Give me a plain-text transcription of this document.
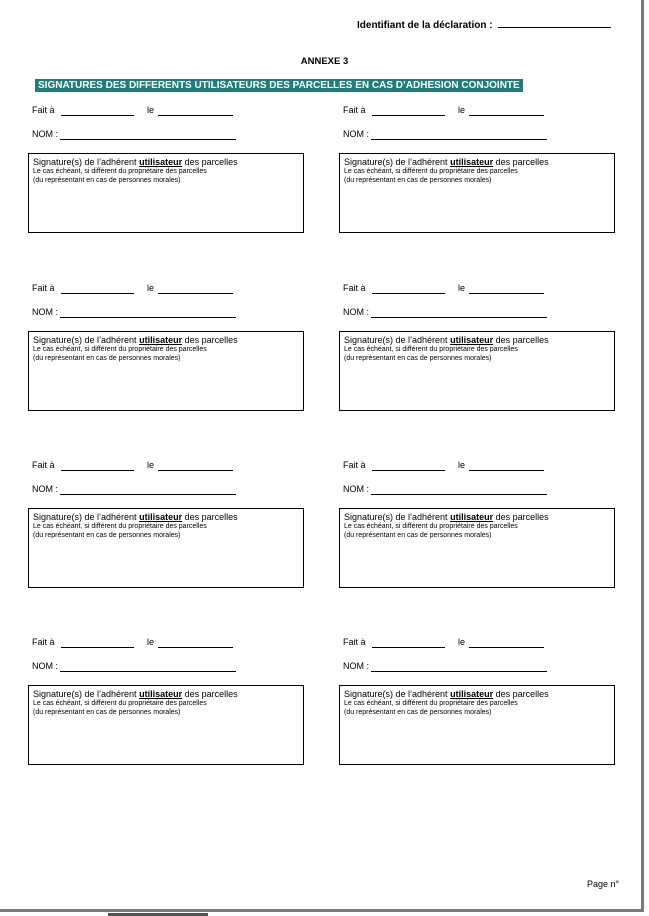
Identifiant de la déclaration :
ANNEXE 3
SIGNATURES DES DIFFERENTS UTILISATEURS DES PARCELLES EN CAS D’ADHESION CONJOINTE
Fait à	le
NOM :
Signature(s) de l’adhérent utilisateur des parcelles
Le cas échéant, si différent du propriétaire des parcelles
(du représentant en cas de personnes morales)
Fait à	le
NOM :
Signature(s) de l’adhérent utilisateur des parcelles
Le cas échéant, si différent du propriétaire des parcelles
(du représentant en cas de personnes morales)
Fait à	le
NOM :
Signature(s) de l’adhérent utilisateur des parcelles
Le cas échéant, si différent du propriétaire des parcelles
(du représentant en cas de personnes morales)
Fait à	le
NOM :
Signature(s) de l’adhérent utilisateur des parcelles
Le cas échéant, si différent du propriétaire des parcelles
(du représentant en cas de personnes morales)
Fait à	le
NOM :
Signature(s) de l’adhérent utilisateur des parcelles
Le cas échéant, si différent du propriétaire des parcelles
(du représentant en cas de personnes morales)
Fait à	le
NOM :
Signature(s) de l’adhérent utilisateur des parcelles
Le cas échéant, si différent du propriétaire des parcelles
(du représentant en cas de personnes morales)
Fait à	le
NOM :
Signature(s) de l’adhérent utilisateur des parcelles
Le cas échéant, si différent du propriétaire des parcelles
(du représentant en cas de personnes morales)
Fait à	le
NOM :
Signature(s) de l’adhérent utilisateur des parcelles
Le cas échéant, si différent du propriétaire des parcelles
(du représentant en cas de personnes morales)
Page n°
